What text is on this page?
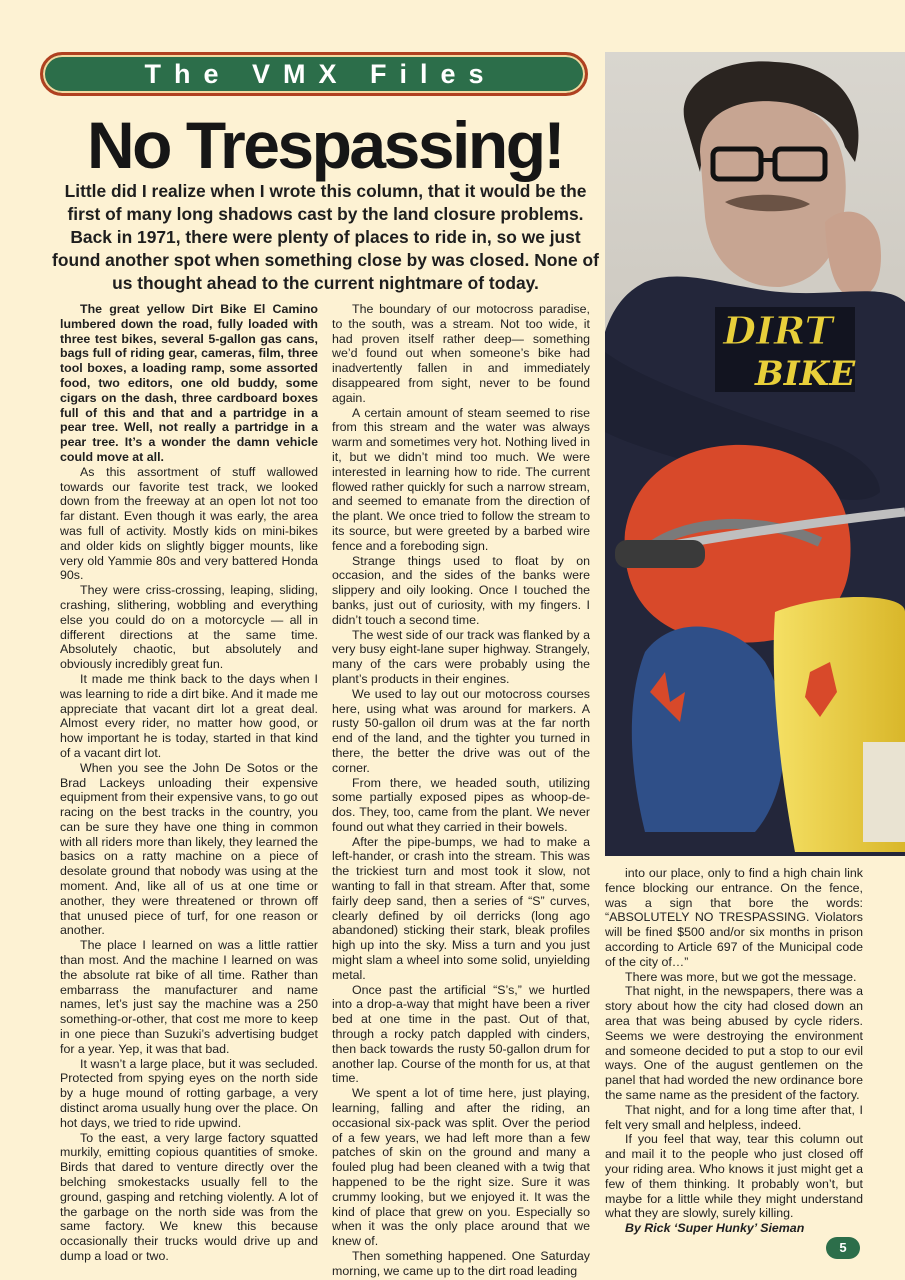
The VMX Files
No Trespassing!
Little did I realize when I wrote this column, that it would be the first of many long shadows cast by the land closure problems. Back in 1971, there were plenty of places to ride in, so we just found another spot when something close by was closed. None of us thought ahead to the current nightmare of today.

The great yellow Dirt Bike El Camino lumbered down the road, fully loaded with three test bikes, several 5-gallon gas cans, bags full of riding gear, cameras, film, three tool boxes, a loading ramp, some assorted food, two editors, one old buddy, some cigars on the dash, three cardboard boxes full of this and that and a partridge in a pear tree. Well, not really a partridge in a pear tree. It’s a wonder the damn vehicle could move at all.

As this assortment of stuff wallowed towards our favorite test track, we looked down from the freeway at an open lot not too far distant. Even though it was early, the area was full of activity. Mostly kids on mini-bikes and older kids on slightly bigger mounts, like very old Yammie 80s and very battered Honda 90s.

They were criss-crossing, leaping, sliding, crashing, slithering, wobbling and everything else you could do on a motorcycle — all in different directions at the same time. Absolutely chaotic, but absolutely and obviously incredibly great fun.

It made me think back to the days when I was learning to ride a dirt bike. And it made me appreciate that vacant dirt lot a great deal. Almost every rider, no matter how good, or how important he is today, started in that kind of a vacant dirt lot.

When you see the John De Sotos or the Brad Lackeys unloading their expensive equipment from their expensive vans, to go out racing on the best tracks in the country, you can be sure they have one thing in common with all riders more than likely, they learned the basics on a ratty machine on a piece of desolate ground that nobody was using at the moment. And, like all of us at one time or another, they were threatened or thrown off that unused piece of turf, for one reason or another.

The place I learned on was a little rattier than most. And the machine I learned on was the absolute rat bike of all time. Rather than embarrass the manufacturer and name names, let’s just say the machine was a 250 something-or-other, that cost me more to keep in one piece than Suzuki’s advertising budget for a year. Yep, it was that bad.

It wasn’t a large place, but it was secluded. Protected from spying eyes on the north side by a huge mound of rotting garbage, a very distinct aroma usually hung over the place. On hot days, we tried to ride upwind.

To the east, a very large factory squatted murkily, emitting copious quantities of smoke. Birds that dared to venture directly over the belching smokestacks usually fell to the ground, gasping and retching violently. A lot of the garbage on the north side was from the same factory. We knew this because occasionally their trucks would drive up and dump a load or two.

The boundary of our motocross paradise, to the south, was a stream. Not too wide, it had proven itself rather deep— something we’d found out when someone’s bike had inadvertently fallen in and immediately disappeared from sight, never to be found again.

A certain amount of steam seemed to rise from this stream and the water was always warm and sometimes very hot. Nothing lived in it, but we didn’t mind too much. We were interested in learning how to ride. The current flowed rather quickly for such a narrow stream, and seemed to emanate from the direction of the plant. We once tried to follow the stream to its source, but were greeted by a barbed wire fence and a foreboding sign.

Strange things used to float by on occasion, and the sides of the banks were slippery and oily looking. Once I touched the banks, just out of curiosity, with my fingers. I didn’t touch a second time.

The west side of our track was flanked by a very busy eight-lane super highway. Strangely, many of the cars were probably using the plant’s products in their engines.

We used to lay out our motocross courses here, using what was around for markers. A rusty 50-gallon oil drum was at the far north end of the land, and the tighter you turned in there, the better the drive was out of the corner.

From there, we headed south, utilizing some partially exposed pipes as whoop-de-dos. They, too, came from the plant. We never found out what they carried in their bowels.

After the pipe-bumps, we had to make a left-hander, or crash into the stream. This was the trickiest turn and most took it slow, not wanting to fall in that stream. After that, some fairly deep sand, then a series of “S” curves, clearly defined by oil derricks (long ago abandoned) sticking their stark, bleak profiles high up into the sky. Miss a turn and you just might slam a wheel into some solid, unyielding metal.

Once past the artificial “S’s,” we hurtled into a drop-a-way that might have been a river bed at one time in the past. Out of that, through a rocky patch dappled with cinders, then back towards the rusty 50-gallon drum for another lap. Course of the month for us, at that time.

We spent a lot of time here, just playing, learning, falling and after the riding, an occasional six-pack was split. Over the period of a few years, we had left more than a few patches of skin on the ground and many a fouled plug had been cleaned with a twig that happened to be the right size. Sure it was crummy looking, but we enjoyed it. It was the kind of place that grew on you. Especially so when it was the only place around that we knew of.

Then something happened. One Saturday morning, we came up to the dirt road leading

into our place, only to find a high chain link fence blocking our entrance. On the fence, was a sign that bore the words: “ABSOLUTELY NO TRESPASSING. Violators will be fined $500 and/or six months in prison according to Article 697 of the Municipal code of the city of…”

There was more, but we got the message.

That night, in the newspapers, there was a story about how the city had closed down an area that was being abused by cycle riders. Seems we were destroying the environment and someone decided to put a stop to our evil ways. One of the august gentlemen on the panel that had worded the new ordinance bore the same name as the president of the factory.

That night, and for a long time after that, I felt very small and helpless, indeed.

If you feel that way, tear this column out and mail it to the people who just closed off your riding area. Who knows it just might get a few of them thinking. It probably won’t, but maybe for a little while they might understand what they are slowly, surely killing.

By Rick ‘Super Hunky’ Sieman

DIRT
BIKE
5
